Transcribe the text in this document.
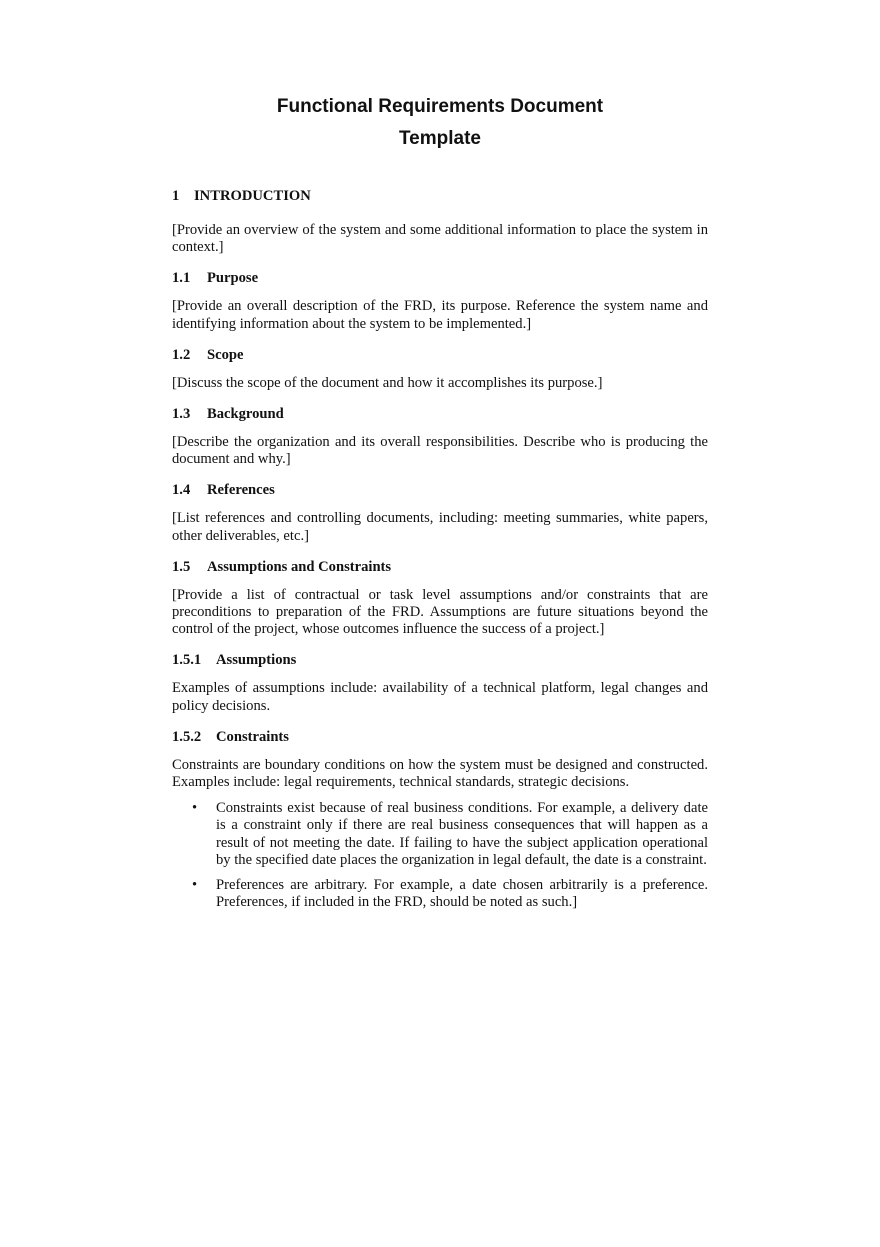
Functional Requirements Document
Template
1 INTRODUCTION

[Provide an overview of the system and some additional information to place the system in context.]

1.1 Purpose

[Provide an overall description of the FRD, its purpose. Reference the system name and identifying information about the system to be implemented.]

1.2 Scope

[Discuss the scope of the document and how it accomplishes its purpose.]

1.3 Background

[Describe the organization and its overall responsibilities. Describe who is producing the document and why.]

1.4 References

[List references and controlling documents, including: meeting summaries, white papers, other deliverables, etc.]

1.5 Assumptions and Constraints

[Provide a list of contractual or task level assumptions and/or constraints that are preconditions to preparation of the FRD. Assumptions are future situations beyond the control of the project, whose outcomes influence the success of a project.]

1.5.1 Assumptions

Examples of assumptions include: availability of a technical platform, legal changes and policy decisions.

1.5.2 Constraints

Constraints are boundary conditions on how the system must be designed and constructed. Examples include: legal requirements, technical standards, strategic decisions.

• Constraints exist because of real business conditions. For example, a delivery date is a constraint only if there are real business consequences that will happen as a result of not meeting the date. If failing to have the subject application operational by the specified date places the organization in legal default, the date is a constraint.
• Preferences are arbitrary. For example, a date chosen arbitrarily is a preference. Preferences, if included in the FRD, should be noted as such.]
